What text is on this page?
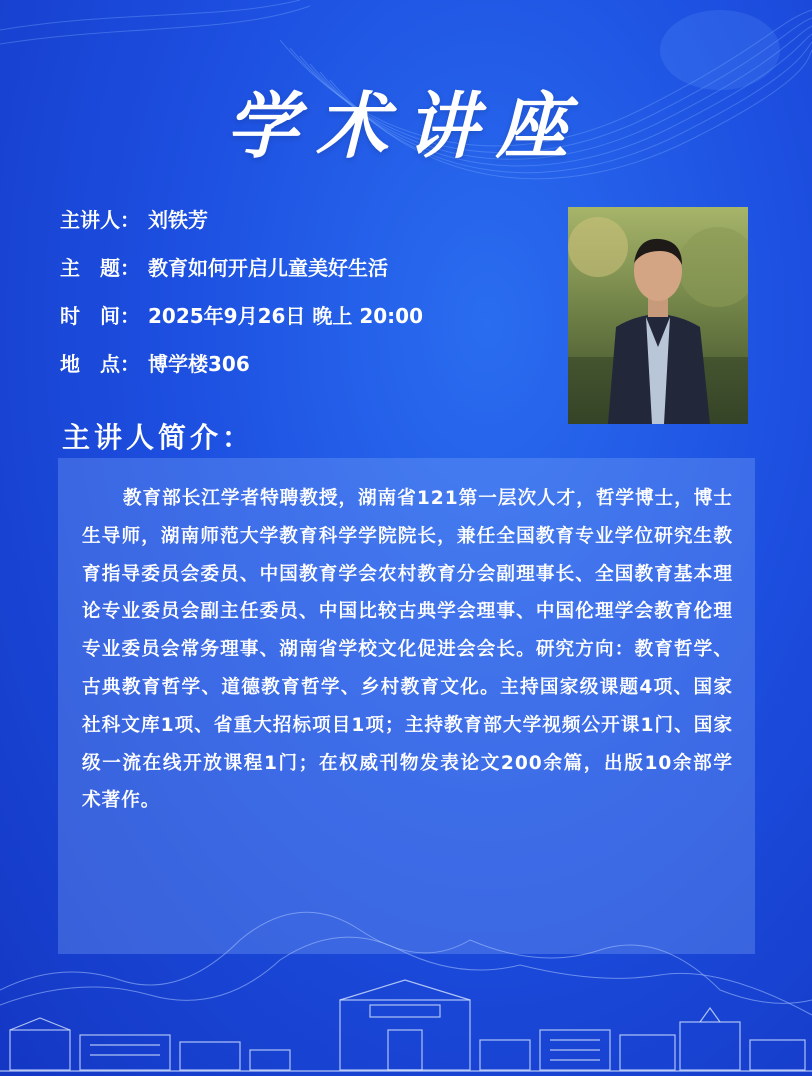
学术讲座
主讲人： 刘铁芳
主　题： 教育如何开启儿童美好生活
时　间： 2025年9月26日 晚上 20:00
地　点： 博学楼306
主讲人简介：

教育部长江学者特聘教授，湖南省121第一层次人才，哲学博士，博士生导师，湖南师范大学教育科学学院院长，兼任全国教育专业学位研究生教育指导委员会委员、中国教育学会农村教育分会副理事长、全国教育基本理论专业委员会副主任委员、中国比较古典学会理事、中国伦理学会教育伦理专业委员会常务理事、湖南省学校文化促进会会长。研究方向：教育哲学、古典教育哲学、道德教育哲学、乡村教育文化。主持国家级课题4项、国家社科文库1项、省重大招标项目1项；主持教育部大学视频公开课1门、国家级一流在线开放课程1门；在权威刊物发表论文200余篇，出版10余部学术著作。
